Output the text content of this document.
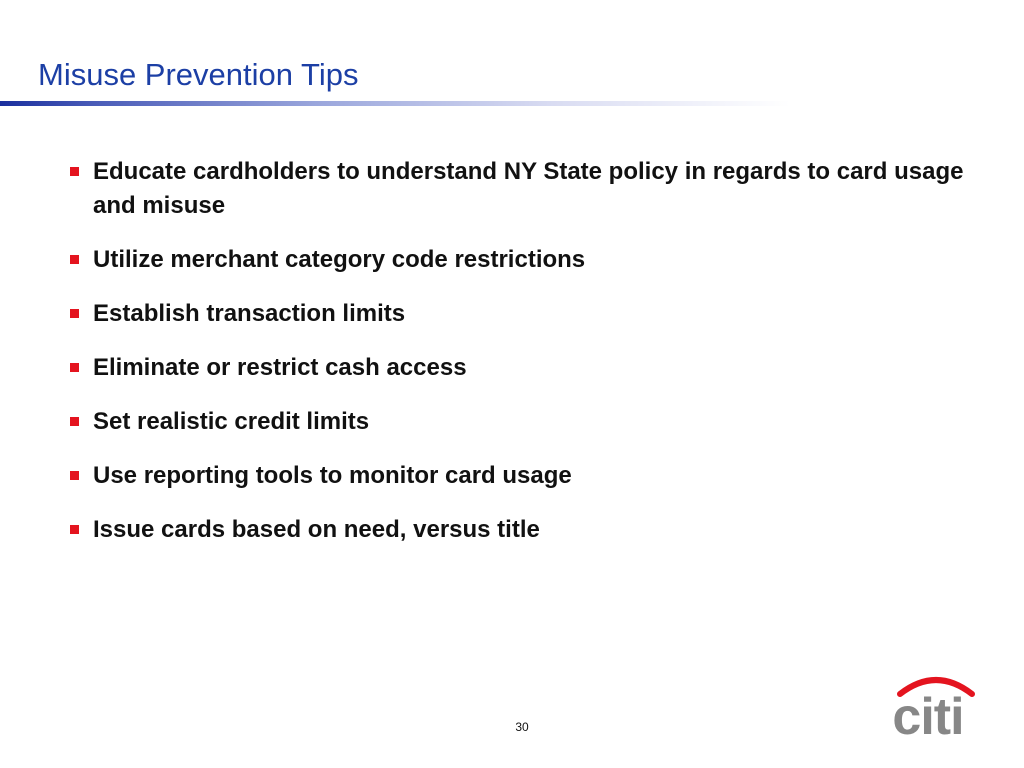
Misuse Prevention Tips
Educate cardholders to understand NY State policy in regards to card usage and misuse
Utilize merchant category code restrictions
Establish transaction limits
Eliminate or restrict cash access
Set realistic credit limits
Use reporting tools to monitor card usage
Issue cards based on need, versus title
30	citi
